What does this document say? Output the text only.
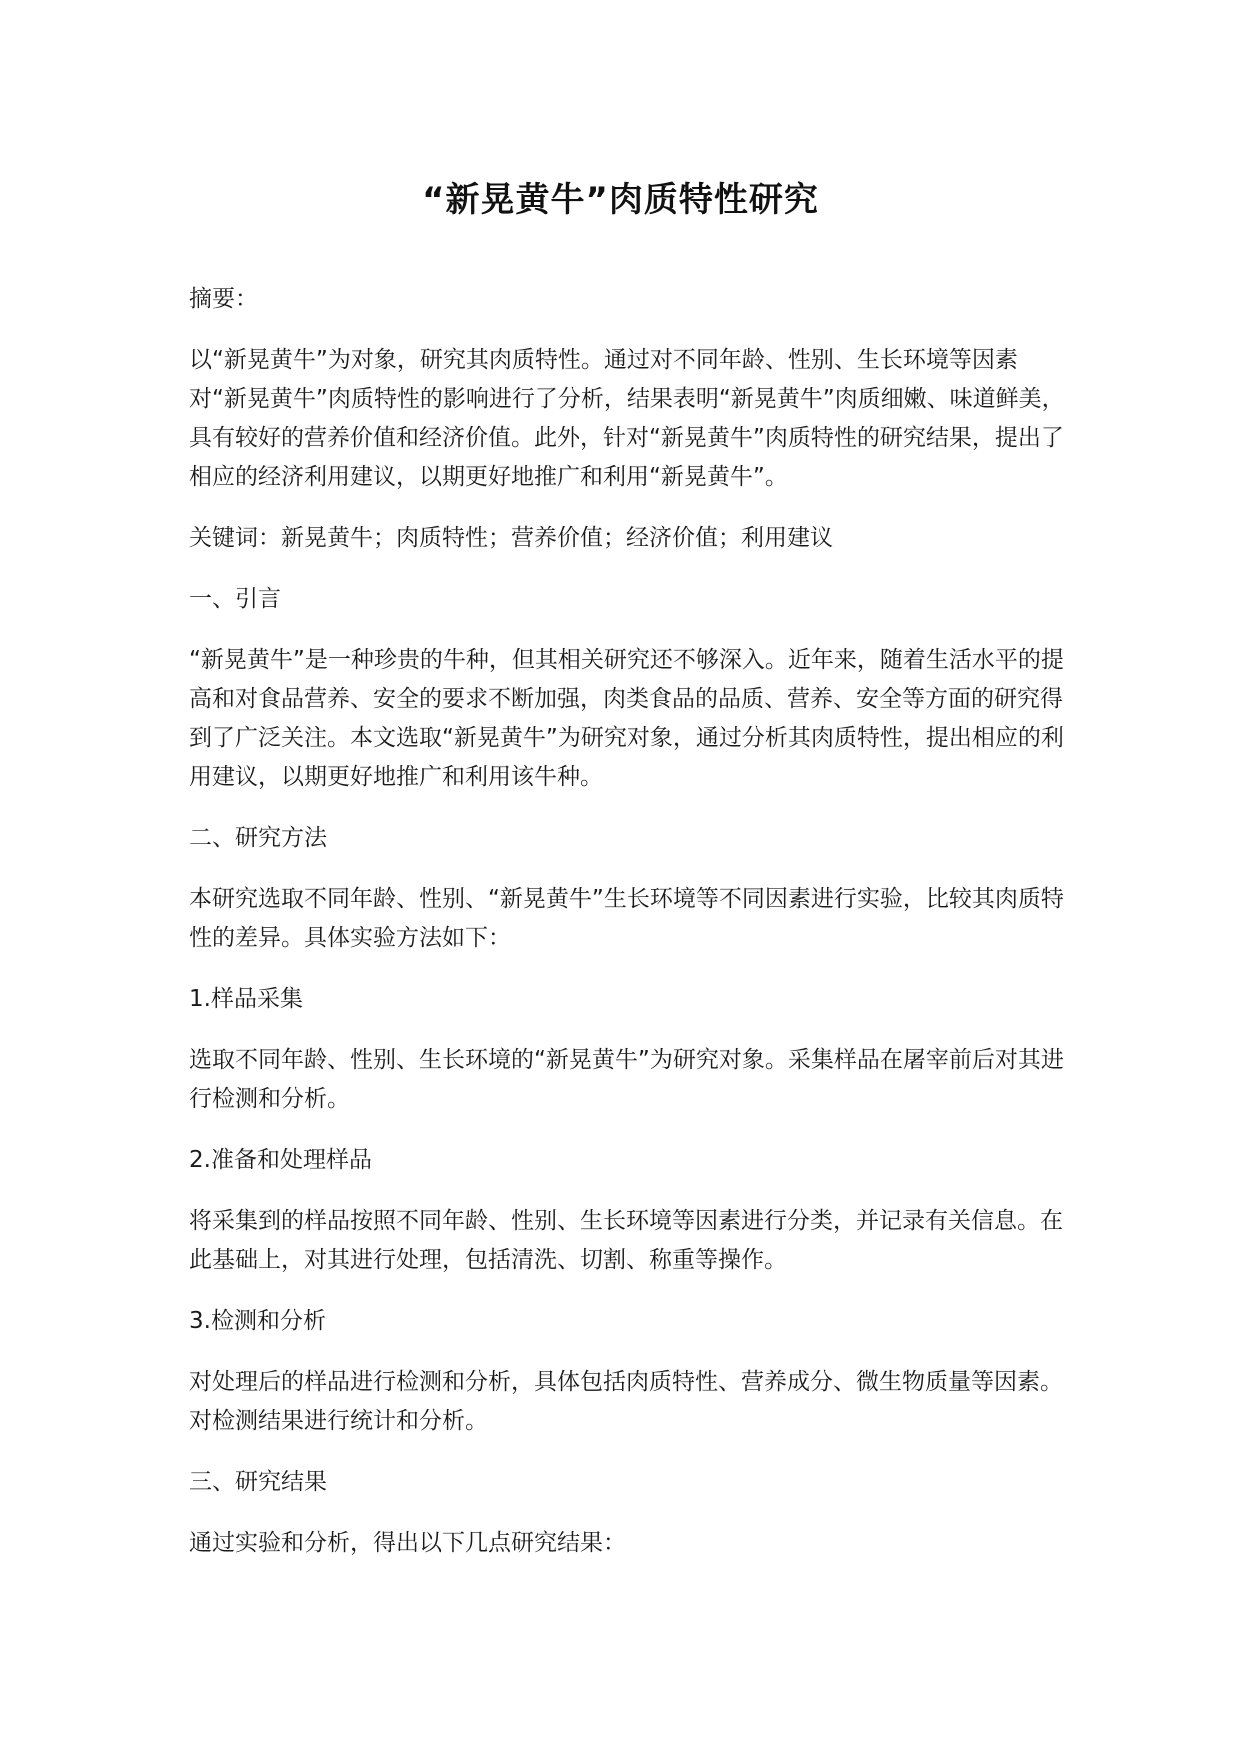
“新晃黄牛”肉质特性研究

摘要：

以“新晃黄牛”为对象，研究其肉质特性。通过对不同年龄、性别、生长环境等因素对“新晃黄牛”肉质特性的影响进行了分析，结果表明“新晃黄牛”肉质细嫩、味道鲜美，具有较好的营养价值和经济价值。此外，针对“新晃黄牛”肉质特性的研究结果，提出了相应的经济利用建议，以期更好地推广和利用“新晃黄牛”。

关键词：新晃黄牛；肉质特性；营养价值；经济价值；利用建议

一、引言

“新晃黄牛”是一种珍贵的牛种，但其相关研究还不够深入。近年来，随着生活水平的提高和对食品营养、安全的要求不断加强，肉类食品的品质、营养、安全等方面的研究得到了广泛关注。本文选取“新晃黄牛”为研究对象，通过分析其肉质特性，提出相应的利用建议，以期更好地推广和利用该牛种。

二、研究方法

本研究选取不同年龄、性别、“新晃黄牛”生长环境等不同因素进行实验，比较其肉质特性的差异。具体实验方法如下：

1.样品采集

选取不同年龄、性别、生长环境的“新晃黄牛”为研究对象。采集样品在屠宰前后对其进行检测和分析。

2.准备和处理样品

将采集到的样品按照不同年龄、性别、生长环境等因素进行分类，并记录有关信息。在此基础上，对其进行处理，包括清洗、切割、称重等操作。

3.检测和分析

对处理后的样品进行检测和分析，具体包括肉质特性、营养成分、微生物质量等因素。对检测结果进行统计和分析。

三、研究结果

通过实验和分析，得出以下几点研究结果：
